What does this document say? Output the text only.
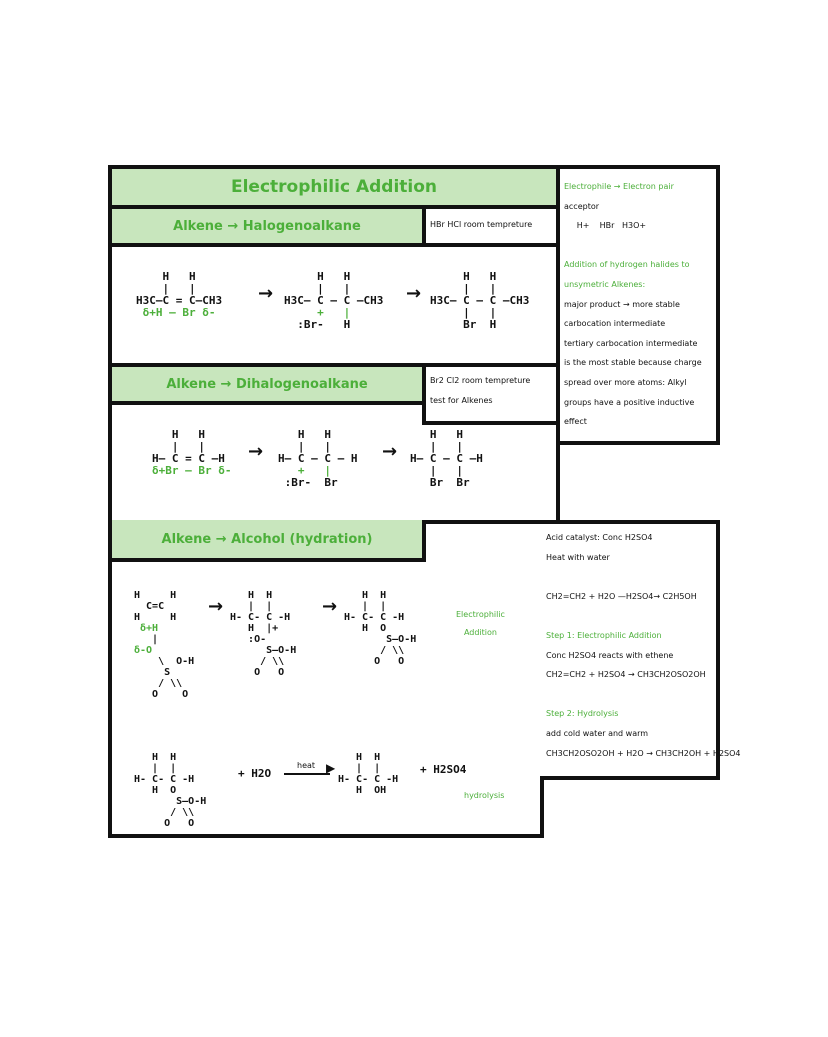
Electrophilic Addition
Alkene → Halogenoalkane	HBr HCl room tempreture
H   H
|   |
H3C—C = C—CH3
δ+H — Br δ-
→
H   H
|   |
H3C— C — C —CH3
+   |
:Br-   H
→
H   H
|   |
H3C— C — C —CH3
|   |
Br  H
Alkene → Dihalogenoalkane	Br2 Cl2 room tempreture
test for Alkenes
H   H
|   |
H— C = C —H
δ+Br — Br δ-
→
H   H
|   |
H— C — C — H
+   |
:Br-  Br
→
H   H
|   |
H— C — C —H
|   |
Br  Br
Electrophile → Electron pair
acceptor
H+    HBr   H3O+
Addition of hydrogen halides to
unsymetric Alkenes:
major product → more stable
carbocation intermediate
tertiary carbocation intermediate
is the most stable because charge
spread over more atoms: Alkyl
groups have a positive inductive
effect
Alkene → Alcohol (hydration)	Acid catalyst: Conc H2SO4
Heat with water
CH2=CH2 + H2O —H2SO4→ C2H5OH
Step 1: Electrophilic Addition
Conc H2SO4 reacts with ethene
CH2=CH2 + H2SO4 → CH3CH2OSO2OH
Step 2: Hydrolysis
add cold water and warm
CH3CH2OSO2OH + H2O → CH3CH2OH + H2SO4
H     H
C=C
H     H
δ+H
|
δ-O
\  O-H
S
/ \\
O    O
→
H  H
|  |
H- C- C -H
H  |+
:O-
S—O-H
/ \\
O   O
→
H  H
|  |
H- C- C -H
H  O
S—O-H
/ \\
O   O
Electrophilic
Addition
H  H
|  |
H- C- C -H
H  O
S—O-H
/ \\
O   O
+ H2O
heat ▶
H  H
|  |
H- C- C -H
H  OH
+ H2SO4
hydrolysis
